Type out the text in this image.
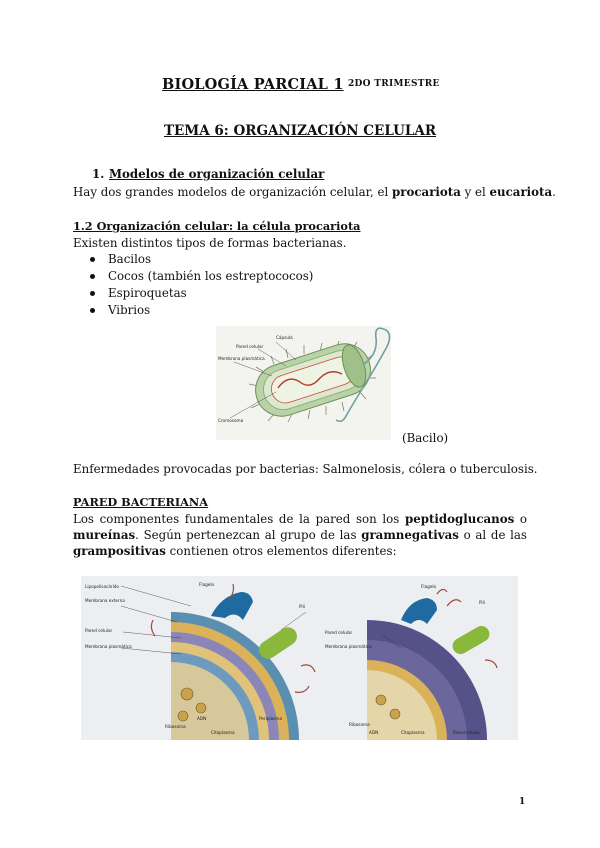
BIOLOGÍA PARCIAL 1 2DO TRIMESTRE
TEMA 6: ORGANIZACIÓN CELULAR
1. Modelos de organización celular
Hay dos grandes modelos de organización celular, el procariota y el eucariota.
1.2 Organización celular: la célula procariota
Existen distintos tipos de formas bacterianas.
Bacilos
Cocos (también los estreptococos)
Espiroquetas
Vibrios
Pared celular
Membrana plasmática
Cápsula
Cromosoma
(Bacilo)
Enfermedades provocadas por bacterias: Salmonelosis, cólera o tuberculosis.
PARED BACTERIANA
Los componentes fundamentales de la pared son los peptidoglucanos o mureínas. Según pertenezcan al grupo de las gramnegativas o al de las grampositivas contienen otros elementos diferentes:
Lipopolisacárido
Membrana externa
Pared celular
Membrana plasmática
Flagelo
Pili
Ribosoma
ADN
Citoplasma
Periplasma
Flagelo
Pili
Pared celular
Membrana plasmática
Ribosoma
ADN	Citoplasma	Pared celular
1
